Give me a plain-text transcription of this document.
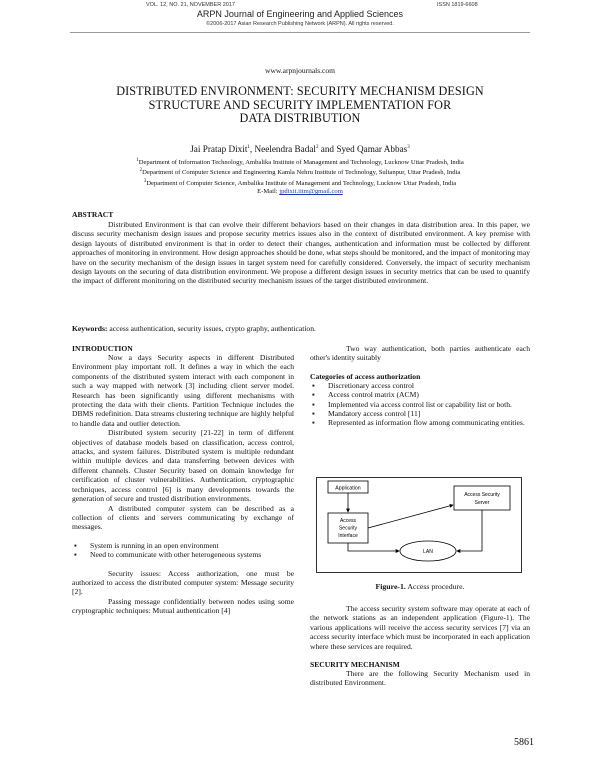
VOL. 12, NO. 21, NOVEMBER 2017	ISSN 1819-6608
ARPN Journal of Engineering and Applied Sciences
©2006-2017 Asian Research Publishing Network (ARPN). All rights reserved.
www.arpnjournals.com
DISTRIBUTED ENVIRONMENT: SECURITY MECHANISM DESIGN
STRUCTURE AND SECURITY IMPLEMENTATION FOR
DATA DISTRIBUTION
Jai Pratap Dixit$^1$, Neelendra Badal$^2$ and Syed Qamar Abbas$^3$
$^1$Department of Information Technology, Ambalika Institute of Management and Technology, Lucknow Uttar Pradesh, India
$^2$Department of Computer Science and Engineering Kamla Nehru Institute of Technology, Sultanpur, Uttar Pradesh, India
$^3$Department of Computer Science, Ambalika Institute of Management and Technology, Lucknow Uttar Pradesh, India
E-Mail: jpdixit.iitm@gmail.com
ABSTRACT
Distributed Environment is that can evolve their different behaviors based on their changes in data distribution area. In this paper, we discuss security mechanism design issues and propose security metrics issues also in the context of distributed environment. A key premise with design layouts of distributed environment is that in order to detect their changes, authentication and information must be collected by different approaches of monitoring in environment. How design approaches should be done, what steps should be monitored, and the impact of monitoring may have on the security mechanism of the design issues in target system need for carefully considered. Conversely, the impact of security mechanism design layouts on the securing of data distribution environment. We propose a different design issues in security metrics that can be used to quantify the impact of different monitoring on the distributed security mechanism issues of the target distributed environment.
Keywords: access authentication, security issues, crypto graphy, authentication.
INTRODUCTION
Now a days Security aspects in different Distributed Environment play important roll. It defines a way in which the each components of the distributed system interact with each component in such a way mapped with network [3] including client server model. Research has been significantly using different mechanisms with protecting the data with their clients. Partition Technique includes the DBMS redefinition. Data streams clustering technique are highly helpful to handle data and outlier detection.
Distributed system security [21-22] in term of different objectives of database models based on classification, access control, attacks, and system failures. Distributed system is multiple redundant within multiple devices and data transferring between devices with different channels. Cluster Security based on domain knowledge for certification of cluster vulnerabilities. Authentication, cryptographic techniques, access control [6] is many developments towards the generation of secure and trusted distribution environments.
A distributed computer system can be described as a collection of clients and servers communicating by exchange of messages.
▪ System is running in an open environment
▪ Need to communicate with other heterogeneous systems
Security issues: Access authorization, one must be authorized to access the distributed computer system: Message security [2].
Passing message confidentially between nodes using some cryptographic techniques: Mutual authentication [4]
Two way authentication, both parties authenticate each other's identity suitably
Categories of access authorization
▪ Discretionary access control
▪ Access control matrix (ACM)
▪ Implemented via access control list or capability list or both.
▪ Mandatory access control [11]
▪ Represented as information flow among communicating entities.
Application
Access Security
Server
Access
Security
Interface
LAN
Figure-1. Access procedure.
The access security system software may operate at each of the network stations as an independent application (Figure-1). The various applications will receive the access security services [7] via an access security interface which must be incorporated in each application where these services are required.
SECURITY MECHANISM
There are the following Security Mechanism used in distributed Environment.
5861
